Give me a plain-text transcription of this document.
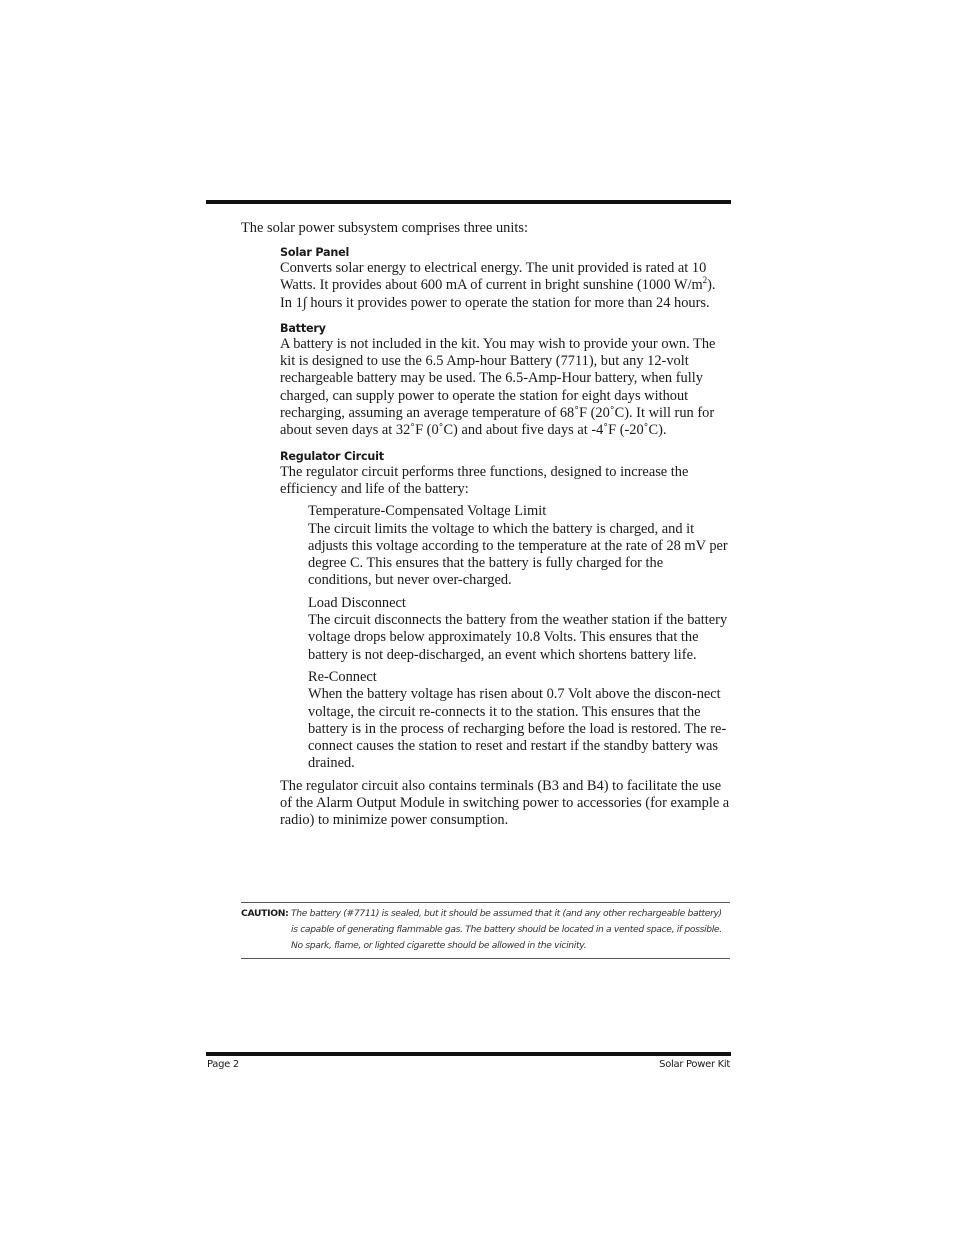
The solar power subsystem comprises three units:

Solar Panel

Converts solar energy to electrical energy. The unit provided is rated at 10 Watts. It provides about 600 mA of current in bright sunshine (1000 $W/m^2$). In 1∫ hours it provides power to operate the station for more than 24 hours.

Battery

A battery is not included in the kit. You may wish to provide your own. The kit is designed to use the 6.5 Amp-hour Battery (7711), but any 12-volt rechargeable battery may be used. The 6.5-Amp-Hour battery, when fully charged, can supply power to operate the station for eight days without recharging, assuming an average temperature of 68˚F (20˚C). It will run for about seven days at 32˚F (0˚C) and about five days at -4˚F (-20˚C).

Regulator Circuit

The regulator circuit performs three functions, designed to increase the efficiency and life of the battery:

Temperature-Compensated Voltage Limit

The circuit limits the voltage to which the battery is charged, and it adjusts this voltage according to the temperature at the rate of 28 mV per degree C. This ensures that the battery is fully charged for the conditions, but never over-charged.

Load Disconnect

The circuit disconnects the battery from the weather station if the battery voltage drops below approximately 10.8 Volts. This ensures that the battery is not deep-discharged, an event which shortens battery life.

Re-Connect

When the battery voltage has risen about 0.7 Volt above the discon-nect voltage, the circuit re-connects it to the station. This ensures that the battery is in the process of recharging before the load is restored. The re-connect causes the station to reset and restart if the standby battery was drained.

The regulator circuit also contains terminals (B3 and B4) to facilitate the use of the Alarm Output Module in switching power to accessories (for example a radio) to minimize power consumption.

CAUTION: The battery (#7711) is sealed, but it should be assumed that it (and any other rechargeable battery) is capable of generating flammable gas. The battery should be located in a vented space, if possible. No spark, flame, or lighted cigarette should be allowed in the vicinity.
Page 2	Solar Power Kit
